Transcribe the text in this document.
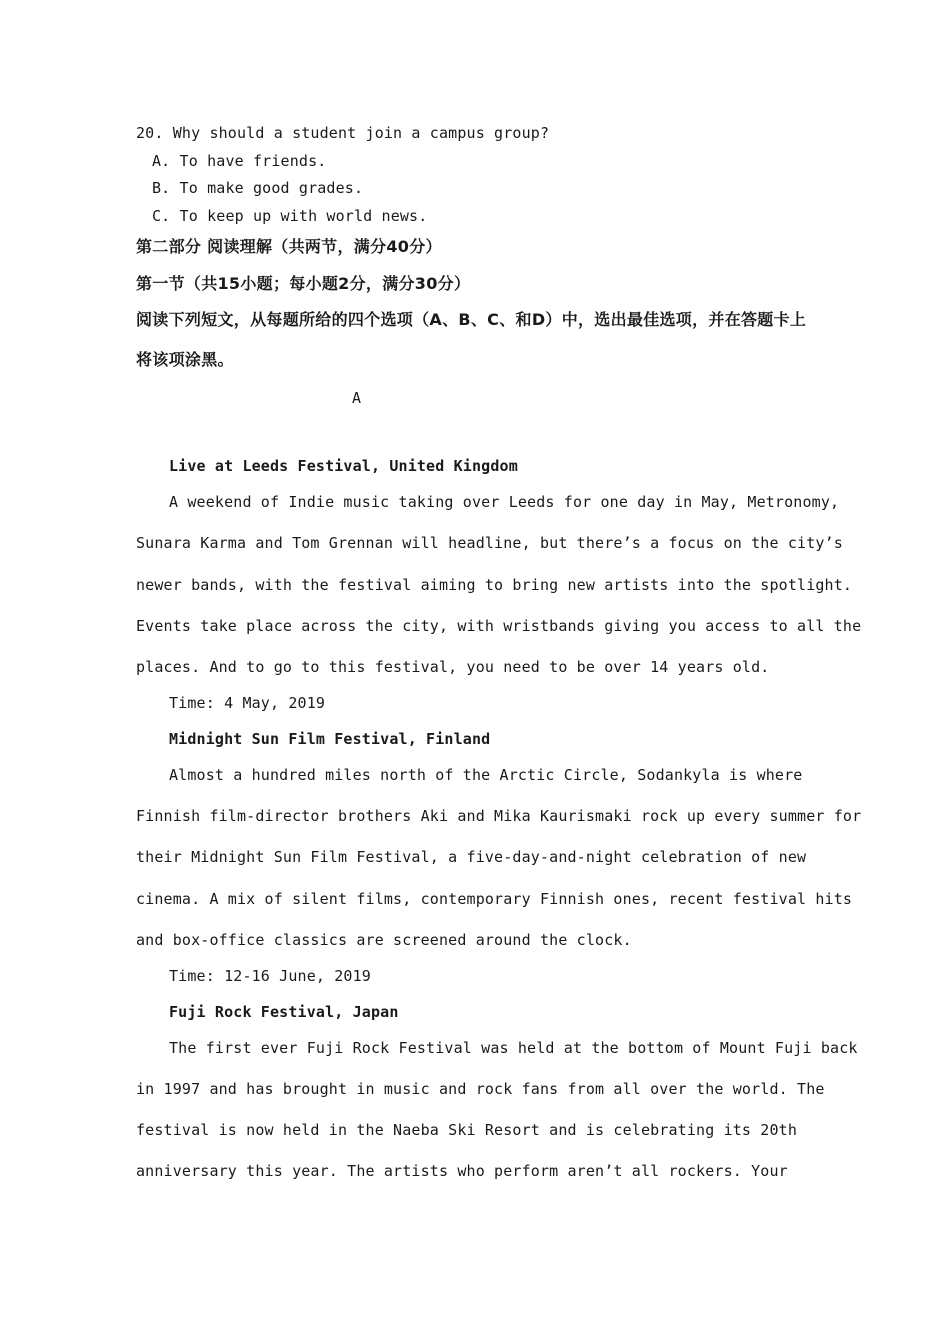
20. Why should a student join a campus group?
A. To have friends.
B. To make good grades.
C. To keep up with world news.
第二部分 阅读理解（共两节，满分40分）
第一节（共15小题；每小题2分，满分30分）
阅读下列短文，从每题所给的四个选项（A、B、C、和D）中，选出最佳选项，并在答题卡上
将该项涂黑。
A
Live at Leeds Festival, United Kingdom
A weekend of Indie music taking over Leeds for one day in May, Metronomy,
Sunara Karma and Tom Grennan will headline, but there’s a focus on the city’s
newer bands, with the festival aiming to bring new artists into the spotlight.
Events take place across the city, with wristbands giving you access to all the
places. And to go to this festival, you need to be over 14 years old.
Time: 4 May, 2019
Midnight Sun Film Festival, Finland
Almost a hundred miles north of the Arctic Circle, Sodankyla is where
Finnish film-director brothers Aki and Mika Kaurismaki rock up every summer for
their Midnight Sun Film Festival, a five-day-and-night celebration of new
cinema. A mix of silent films, contemporary Finnish ones, recent festival hits
and box-office classics are screened around the clock.
Time: 12-16 June, 2019
Fuji Rock Festival, Japan
The first ever Fuji Rock Festival was held at the bottom of Mount Fuji back
in 1997 and has brought in music and rock fans from all over the world. The
festival is now held in the Naeba Ski Resort and is celebrating its 20th
anniversary this year. The artists who perform aren’t all rockers. Your
